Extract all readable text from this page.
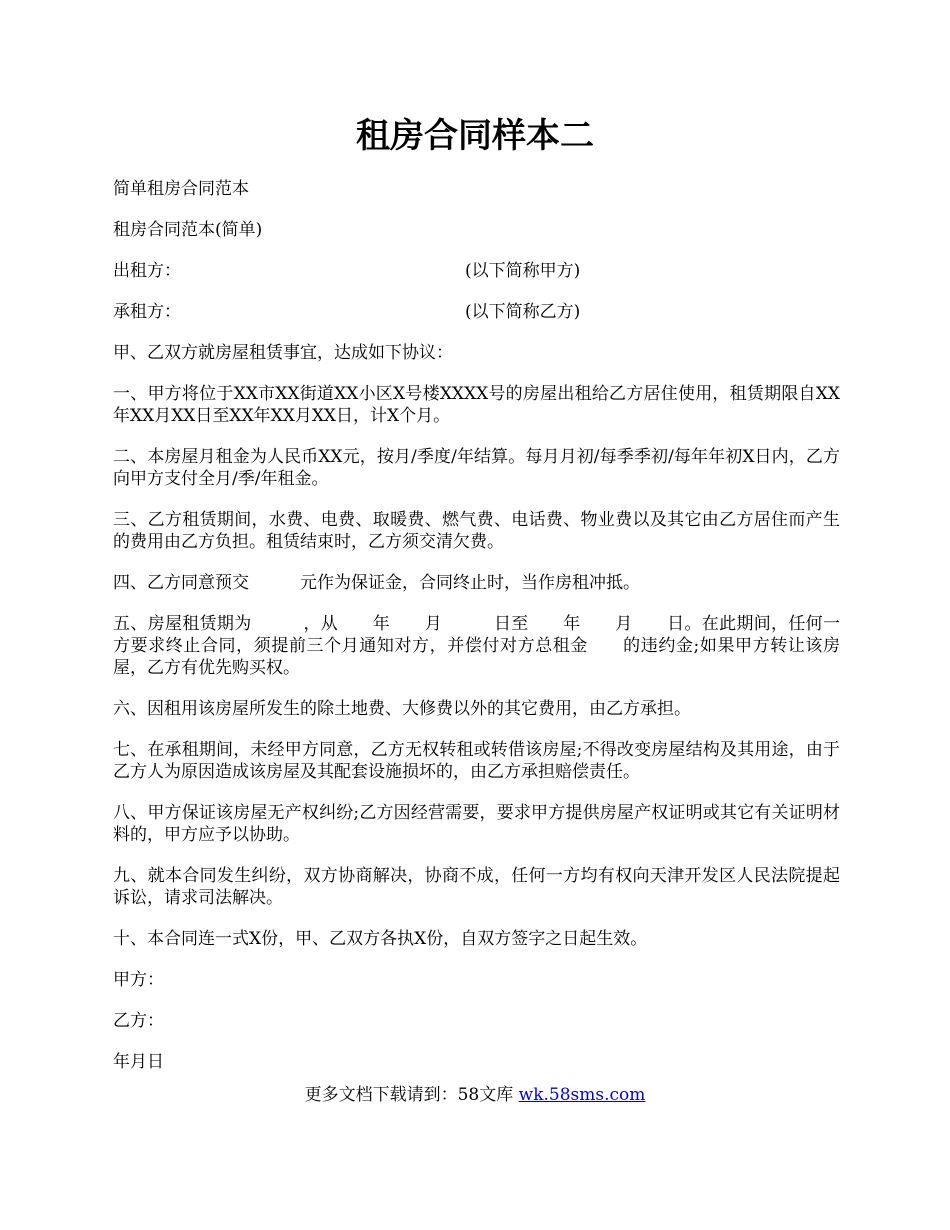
租房合同样本二

简单租房合同范本

租房合同范本(简单)

出租方：	(以下简称甲方)
承租方：	(以下简称乙方)

甲、乙双方就房屋租赁事宜，达成如下协议：

一、甲方将位于XX市XX街道XX小区X号楼XXXX号的房屋出租给乙方居住使用，租赁期限自XX年XX月XX日至XX年XX月XX日，计X个月。

二、本房屋月租金为人民币XX元，按月/季度/年结算。每月月初/每季季初/每年年初X日内，乙方向甲方支付全月/季/年租金。

三、乙方租赁期间，水费、电费、取暖费、燃气费、电话费、物业费以及其它由乙方居住而产生的费用由乙方负担。租赁结束时，乙方须交清欠费。

四、乙方同意预交　　　元作为保证金，合同终止时，当作房租冲抵。

五、房屋租赁期为　　　，从　　年　　月　　　日至　　年　　月　　日。在此期间，任何一方要求终止合同，须提前三个月通知对方，并偿付对方总租金　　的违约金;如果甲方转让该房屋，乙方有优先购买权。

六、因租用该房屋所发生的除土地费、大修费以外的其它费用，由乙方承担。

七、在承租期间，未经甲方同意，乙方无权转租或转借该房屋;不得改变房屋结构及其用途，由于乙方人为原因造成该房屋及其配套设施损坏的，由乙方承担赔偿责任。

八、甲方保证该房屋无产权纠纷;乙方因经营需要，要求甲方提供房屋产权证明或其它有关证明材料的，甲方应予以协助。

九、就本合同发生纠纷，双方协商解决，协商不成，任何一方均有权向天津开发区人民法院提起诉讼，请求司法解决。

十、本合同连一式X份，甲、乙双方各执X份，自双方签字之日起生效。

甲方：

乙方：

年月日

更多文档下载请到：58文库 wk.58sms.com
